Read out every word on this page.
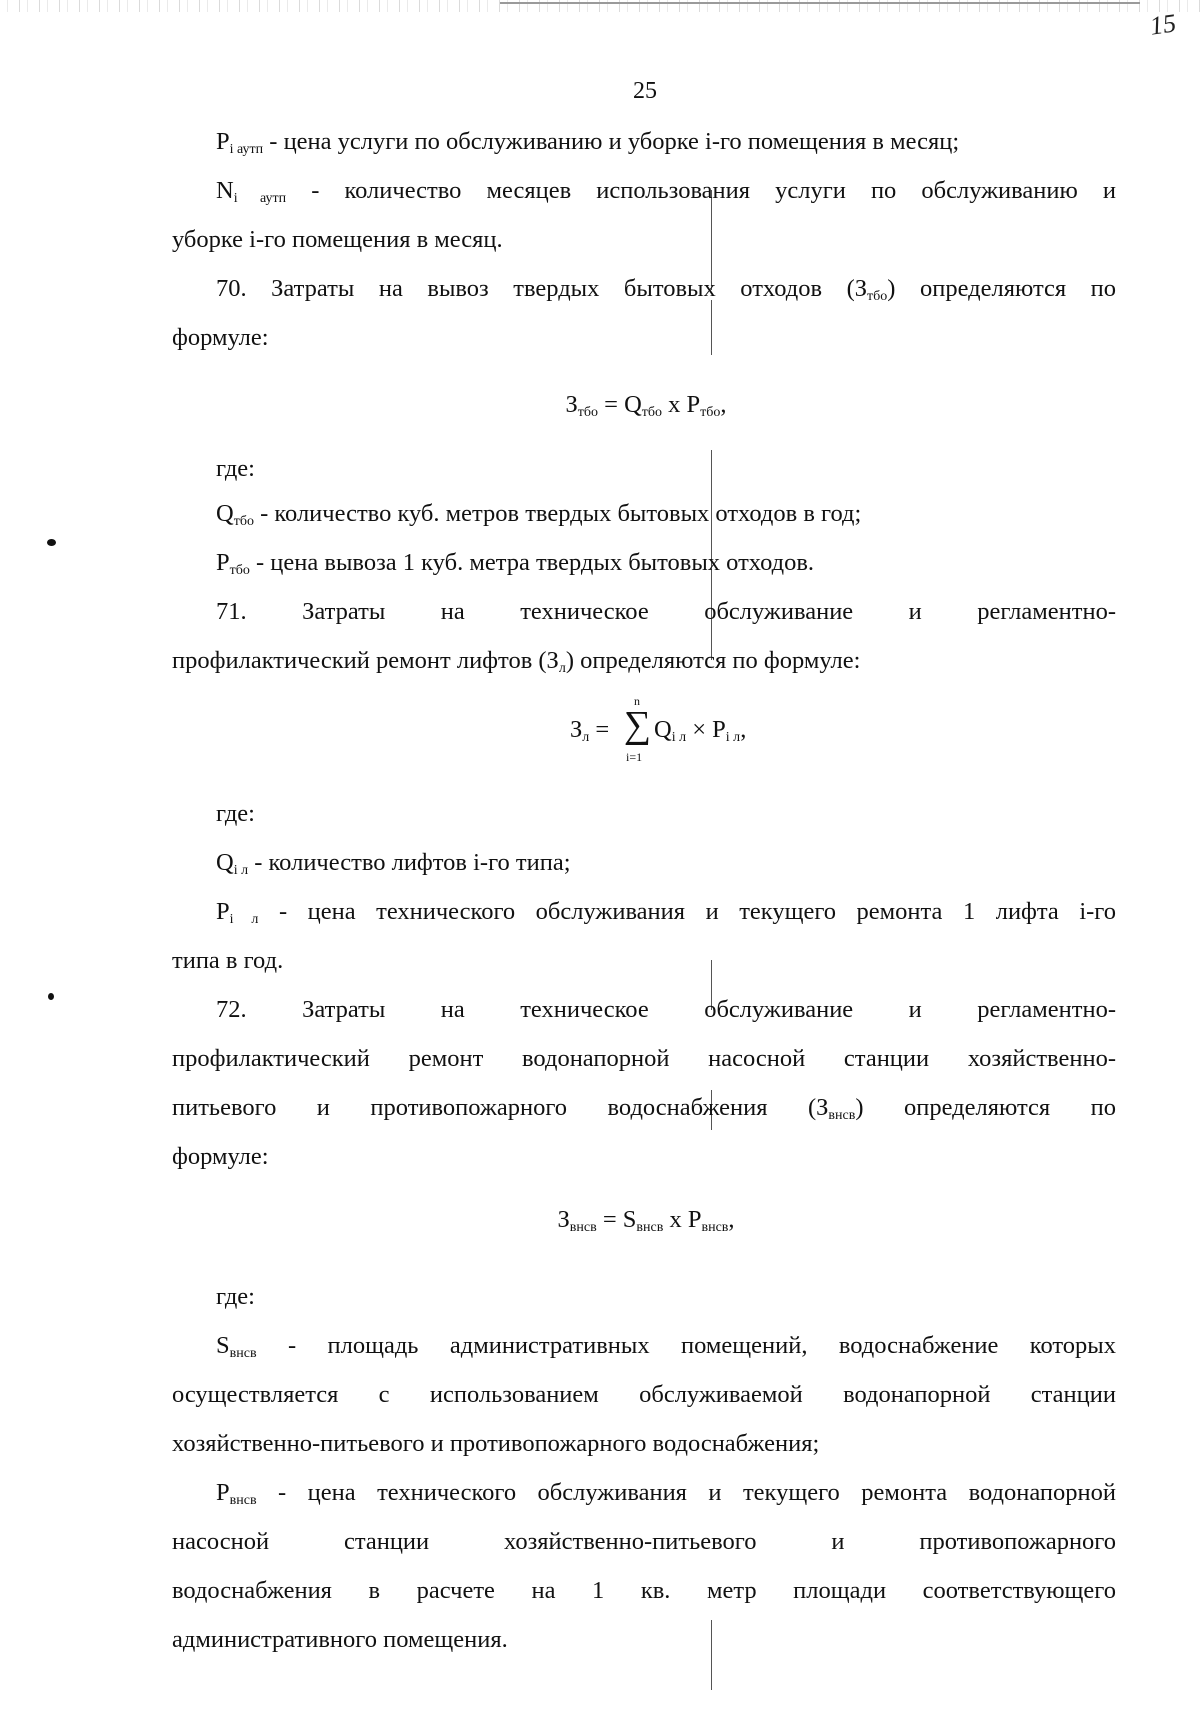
15
25

$P_{i аутп}$ - цена услуги по обслуживанию и уборке i-го помещения в месяц;

$N_{i аутп}$ - количество месяцев использования услуги по обслуживанию и

уборке i-го помещения в месяц.

70. Затраты на вывоз твердых бытовых отходов $(З_{тбо})$ определяются по

формуле:

$З_{тбо} = Q_{тбо}$ x $P_{тбо}$,

где:

$Q_{тбо}$ - количество куб. метров твердых бытовых отходов в год;

$P_{тбо}$ - цена вывоза 1 куб. метра твердых бытовых отходов.

71. Затраты на техническое обслуживание и регламентно-

профилактический ремонт лифтов $(З_л)$ определяются по формуле:

$З_л$ =
n
∑
i=1
$Q_{i л} \times P_{i л}$,

где:

$Q_{i л}$ - количество лифтов i-го типа;

$P_{i л}$ - цена технического обслуживания и текущего ремонта 1 лифта i-го

типа в год.

72. Затраты на техническое обслуживание и регламентно-

профилактический ремонт водонапорной насосной станции хозяйственно-

питьевого и противопожарного водоснабжения $(З_{внсв})$ определяются по

формуле:

$З_{внсв} = S_{внсв}$ x $P_{внсв}$,

где:

$S_{внсв}$ - площадь административных помещений, водоснабжение которых

осуществляется с использованием обслуживаемой водонапорной станции

хозяйственно-питьевого и противопожарного водоснабжения;

$P_{внсв}$ - цена технического обслуживания и текущего ремонта водонапорной

насосной станции хозяйственно-питьевого и противопожарного

водоснабжения в расчете на 1 кв. метр площади соответствующего

административного помещения.
